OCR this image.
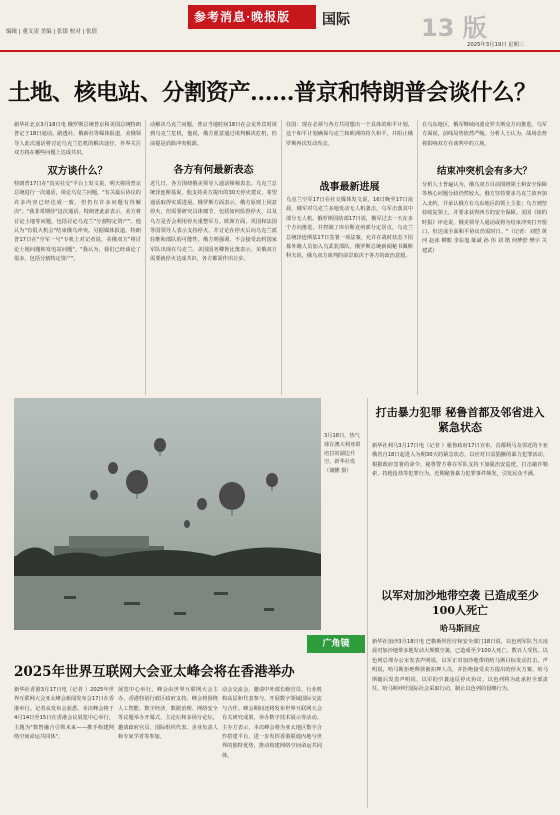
编辑 | 董文凌 美编 | 张银 校对 | 张倩
参考消息·晚报版 国际	13 版
2025年3月19日 星期三
土地、核电站、分割资产……普京和特朗普会谈什么？
新华社北京3月18日电 俄罗斯总统普京和美国总统特朗普定于18日通话。路透社、俄新社等媒体报道，美俄领导人此次通话将讨论乌克兰危机的解决途径，外界关注双方将在哪些问题上达成共识。
双方谈什么？
特朗普17日在"真实社交"平台上发文说，明天将同普京总统进行一次通话，谈论乌克兰问题，"有关最后协议的许多内容已经达成一致，但仍有许多问题有待解决"。"我非常期待"这次通话。特朗普此前表示，美方将讨论土地等问题，包括讨论乌克兰"分割特定资产"。他认为"有很大机会"结束俄乌冲突。另据媒体报道，特朗普17日在"空军一号"专机上对记者说，美俄双方"将讨论土地问题和发电站问题"。"我认为，我们已经谈论了很多，包括分割特定资产"。
动解决乌克兰问题。普京当地时间18日在会见外宾时谈到乌克兰危机，他说，俄方愿意通过谈判解决危机，但前提是消除冲突根源。
各方有何最新表态
近几日，各方围绕俄美领导人通话频频表态。乌克兰总统泽连斯基说，他支持美方提出的30天停火建议，希望通话取得实质进展。俄罗斯方面表示，俄方原则上同意停火，但需要研究具体细节，包括如何监督停火，以及乌方是否会利用停火重整军力。欧洲方面，英国和法国等国领导人表示支持停火，并讨论在停火后向乌克兰派驻维和部队的可能性。俄方则强调，不会接受北约国家军队出现在乌克兰。美国国务卿鲁比奥表示，美俄双方需要就停火达成共识，各方都需作出让步。
住国：现在必须与各方共同想出一个具体的和平计划，这个和平计划确保乌克兰和欧洲的持久和平，并阻止俄罗斯再次发动攻击。
战事最新进展
乌克兰空军17日在社交媒体发文说，16日晚至17日凌晨，俄军对乌克兰多地发动无人机袭击，乌军击落其中部分无人机。俄罗斯国防部17日说，俄军过去一天在多个方向推进，并控制了库尔斯克州部分定居点。乌克兰总统泽连斯基17日签署一项法案，允许在战时状态下招募外籍人员加入乌武装部队。俄罗斯总统新闻秘书佩斯科夫说，俄乌双方谈判的前景取决于各方的政治意愿。
在乌东地区，俄军继续向波克罗夫斯克方向推进。乌军方面说，前线局势依然严峻。分析人士认为，战场态势将影响双方在谈判中的立场。
结束冲突机会有多大？
分析人士普遍认为，俄乌双方目前围绕领土和安全保障等核心问题分歧仍然较大。俄方坚持要求乌克兰放弃加入北约，并承认俄方在乌东地区的领土主张；乌方则坚持收复领土，并要求获得西方的安全保障。美国《纽约时报》评论说，俄美领导人通话或将为结束冲突打开窗口，但达成全面和平协议仍需时日。"（记者：刘恺 黄河 赵冰 柳絮 李东旭 陈斌 孙 伟 刘 锴 何梦舒 樊宇 关建武）
3月18日，热气球在澳大利亚堪培拉的湖边升空。新华社发（储鹏 摄）
广角镜
2025年世界互联网大会亚太峰会将在香港举办
新华社香港3月17日电（记者 ）2025年世界互联网大会亚太峰会新闻发布会17日在香港举行。记者从发布会获悉，本次峰会将于4月14日至15日在香港会议展览中心举行，主题为"数智融合引领未来——携手构建网络空间命运共同体"。
展览中心举行。峰会由世界互联网大会主办，香港特别行政区政府支持。峰会将围绕人工智能、数字经济、数据治理、网络安全等议题举办开幕式、主论坛和多场分论坛，邀请政府官员、国际组织代表、企业负责人和专家学者等参加。
动会交流会，邀请中外部长级官员、行业机构高层和代表参与，开展数字领域国际交流与合作。峰会期间还将发布世界互联网大会有关研究成果，举办数字技术展示等活动。主办方表示，本次峰会将为亚太地区数字合作搭建平台，进一步发挥香港联通内地与世界的独特优势，推动构建网络空间命运共同体。
打击暴力犯罪 秘鲁首都及邻省进入紧急状态
新华社利马3月17日电（记者 ）秘鲁政府17日宣布，首都利马及邻近的卡亚俄省自18日起进入为期30天的紧急状态，以应对日益猖獗的暴力犯罪活动。根据政府签署的命令，秘鲁警方将在军队支持下加强治安巡逻，打击敲诈勒索、持枪抢劫等犯罪行为。近期秘鲁暴力犯罪事件频发，引发民众不满。
以军对加沙地带空袭 已造成至少100人死亡
哈马斯回应
新华社加沙3月18日电 巴勒斯坦医疗和安全部门18日说，以色列军队当天凌晨对加沙地带多地发动大规模空袭，已造成至少100人死亡，数百人受伤。以色列总理办公室发表声明说，以军正对加沙地带的哈马斯目标发动打击。声明说，哈马斯拒绝释放被扣押人员，并拒绝接受美方提出的停火方案。哈马斯随后发表声明说，以军的空袭违反停火协议，以色列将为此承担全部责任。哈马斯呼吁国际社会采取行动，制止以色列的侵略行为。
